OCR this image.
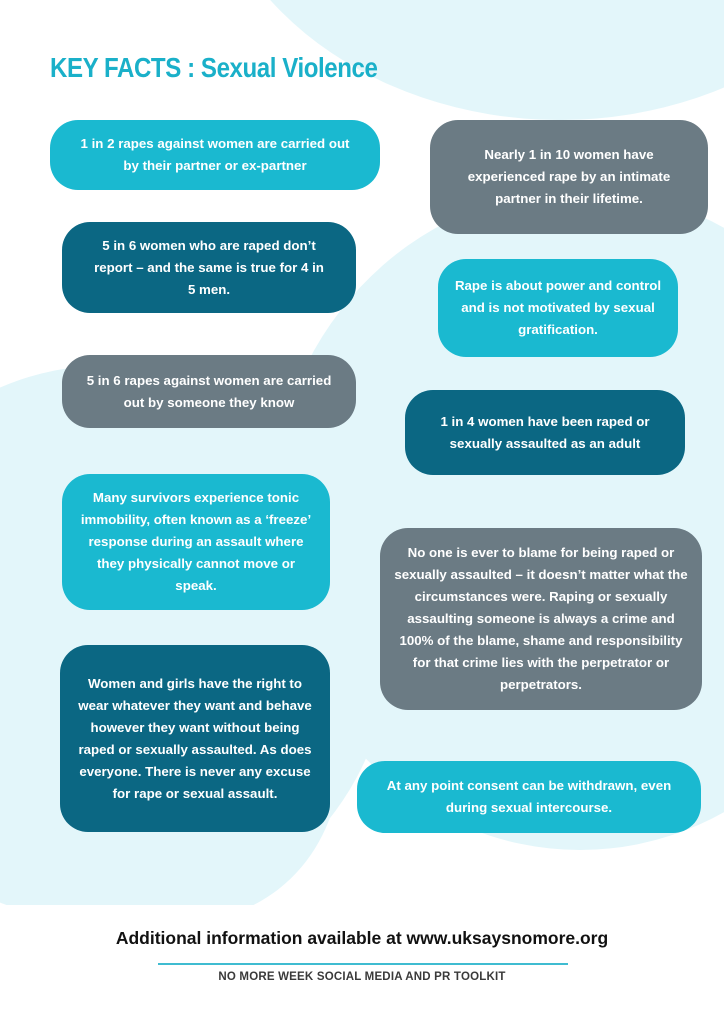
KEY FACTS : Sexual Violence
1 in 2 rapes against women are carried out by their partner or ex-partner
Nearly 1 in 10 women have experienced rape by an intimate partner in their lifetime.
5 in 6 women who are raped don’t report – and the same is true for 4 in 5 men.	Rape is about power and control and is not motivated by sexual gratification.
5 in 6 rapes against women are carried out by someone they know
1 in 4 women have been raped or sexually assaulted as an adult
Many survivors experience tonic immobility, often known as a ‘freeze’ response during an assault where they physically cannot move or speak.
No one is ever to blame for being raped or sexually assaulted – it doesn’t matter what the circumstances were. Raping or sexually assaulting someone is always a crime and 100% of the blame, shame and responsibility for that crime lies with the perpetrator or perpetrators.
Women and girls have the right to wear whatever they want and behave however they want without being raped or sexually assaulted. As does everyone. There is never any excuse for rape or sexual assault.	At any point consent can be withdrawn, even during sexual intercourse.
Additional information available at www.uksaysnomore.org
NO MORE WEEK SOCIAL MEDIA AND PR TOOLKIT
